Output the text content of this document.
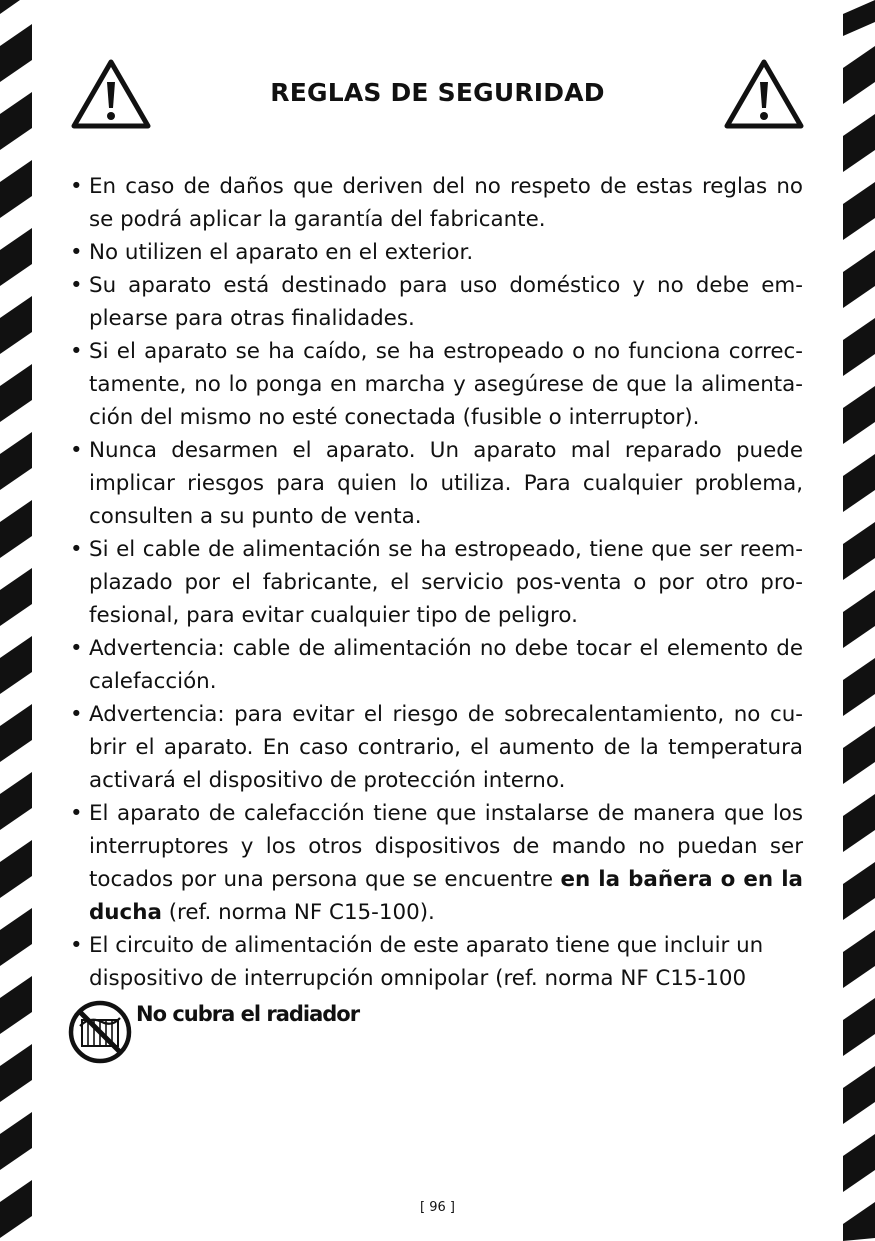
REGLAS DE SEGURIDAD
• En caso de daños que deriven del no respeto de estas reglas no se podrá aplicar la garantía del fabricante.
• No utilizen el aparato en el exterior.
• Su aparato está destinado para uso doméstico y no debe emplearse para otras finalidades.
• Si el aparato se ha caído, se ha estropeado o no funciona correctamente, no lo ponga en marcha y asegúrese de que la alimentación del mismo no esté conectada (fusible o interruptor).
• Nunca desarmen el aparato. Un aparato mal reparado puede implicar riesgos para quien lo utiliza. Para cualquier problema, consulten a su punto de venta.
• Si el cable de alimentación se ha estropeado, tiene que ser reemplazado por el fabricante, el servicio pos-venta o por otro profesional, para evitar cualquier tipo de peligro.
• Advertencia: cable de alimentación no debe tocar el elemento de calefacción.
• Advertencia: para evitar el riesgo de sobrecalentamiento, no cubrir el aparato. En caso contrario, el aumento de la temperatura activará el dispositivo de protección interno.
• El aparato de calefacción tiene que instalarse de manera que los interruptores y los otros dispositivos de mando no puedan ser tocados por una persona que se encuentre en la bañera o en la ducha (ref. norma NF C15-100).
• El circuito de alimentación de este aparato tiene que incluir un dispositivo de interrupción omnipolar (ref. norma NF C15-100
No cubra el radiador
[ 96 ]
